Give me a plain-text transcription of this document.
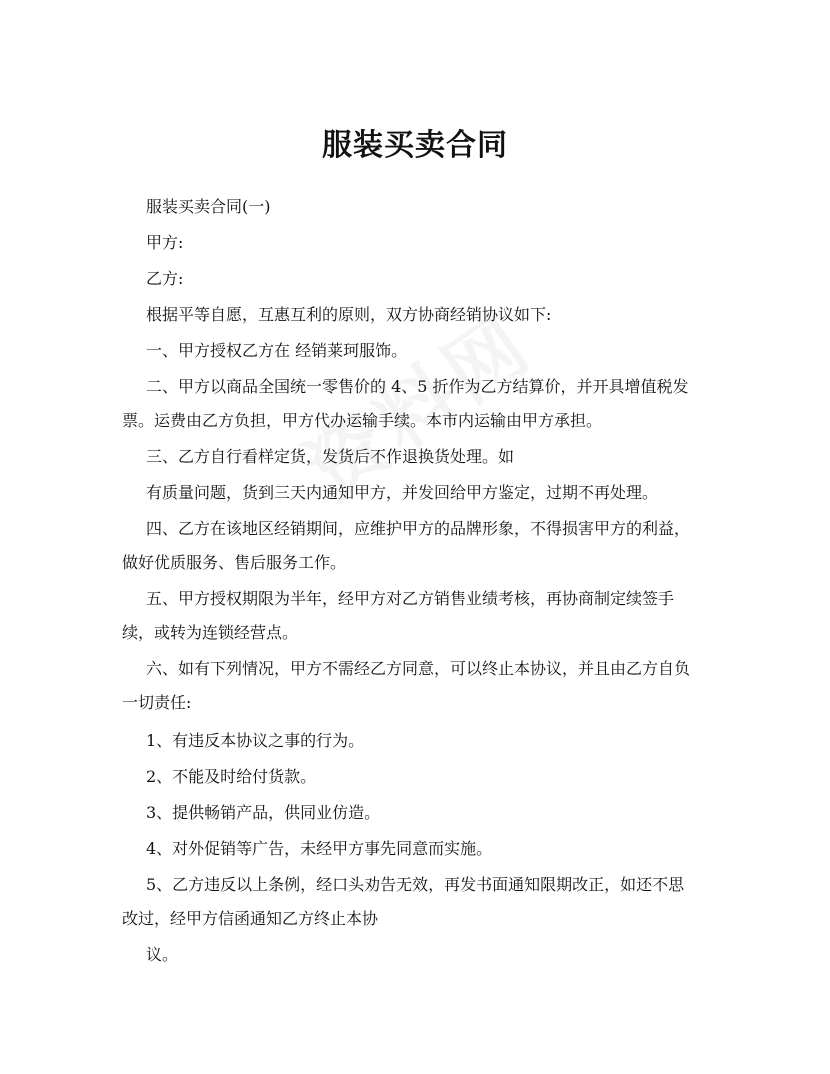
服装买卖合同
服装买卖合同(一)
甲方:
乙方:
根据平等自愿，互惠互利的原则，双方协商经销协议如下:
一、甲方授权乙方在 经销莱珂服饰。
二、甲方以商品全国统一零售价的 4、5 折作为乙方结算价，并开具增值税发
票。运费由乙方负担，甲方代办运输手续。本市内运输由甲方承担。
三、乙方自行看样定货，发货后不作退换货处理。如
有质量问题，货到三天内通知甲方，并发回给甲方鉴定，过期不再处理。
四、乙方在该地区经销期间，应维护甲方的品牌形象，不得损害甲方的利益，
做好优质服务、售后服务工作。
五、甲方授权期限为半年，经甲方对乙方销售业绩考核，再协商制定续签手
续，或转为连锁经营点。
六、如有下列情况，甲方不需经乙方同意，可以终止本协议，并且由乙方自负
一切责任:
1、有违反本协议之事的行为。
2、不能及时给付货款。
3、提供畅销产品，供同业仿造。
4、对外促销等广告，未经甲方事先同意而实施。
5、乙方违反以上条例，经口头劝告无效，再发书面通知限期改正，如还不思
改过，经甲方信函通知乙方终止本协
议。
